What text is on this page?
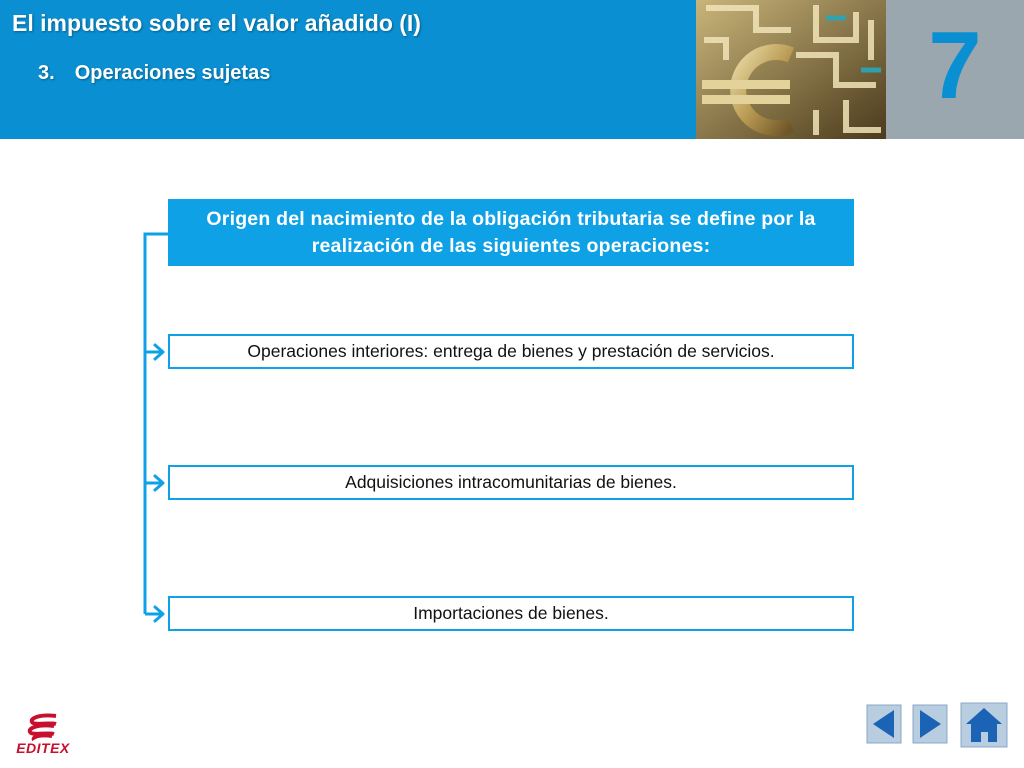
El impuesto sobre el valor añadido (I)
3. Operaciones sujetas	7
Origen del nacimiento de la obligación tributaria se define por la realización de las siguientes operaciones:
Operaciones interiores: entrega de bienes y prestación de servicios.
Adquisiciones intracomunitarias de bienes.
Importaciones de bienes.
EDITEX
